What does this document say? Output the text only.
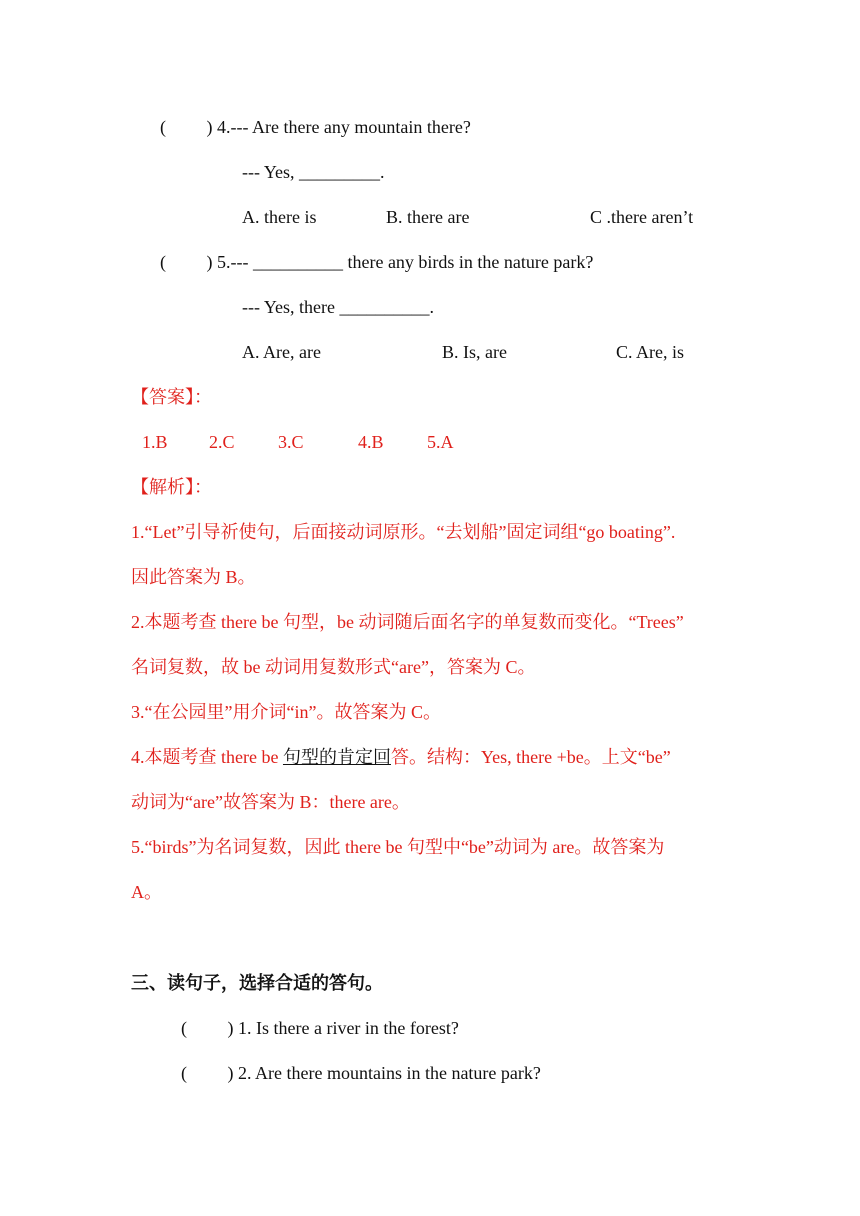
(         ) 4.--- Are there any mountain there?
--- Yes, _________.
A. there is	B. there are	C .there aren’t
(         ) 5.--- __________ there any birds in the nature park?
--- Yes, there __________.
A. Are, are	B. Is, are	C. Are, is
【答案】：
1.B 2.C 3.C	4.B 5.A
【解析】：
1.“Let”引导祈使句，后面接动词原形。“去划船”固定词组“go boating”.
因此答案为 B。
2.本题考查 there be 句型，be 动词随后面名字的单复数而变化。“Trees”
名词复数，故 be 动词用复数形式“are”，答案为 C。
3.“在公园里”用介词“in”。故答案为 C。
4.本题考查 there be 句型的肯定回答。结构：Yes, there +be。上文“be”
动词为“are”故答案为 B：there are。
5.“birds”为名词复数，因此 there be 句型中“be”动词为 are。故答案为
A。
三、读句子，选择合适的答句。
(         ) 1. Is there a river in the forest?
(         ) 2. Are there mountains in the nature park?
